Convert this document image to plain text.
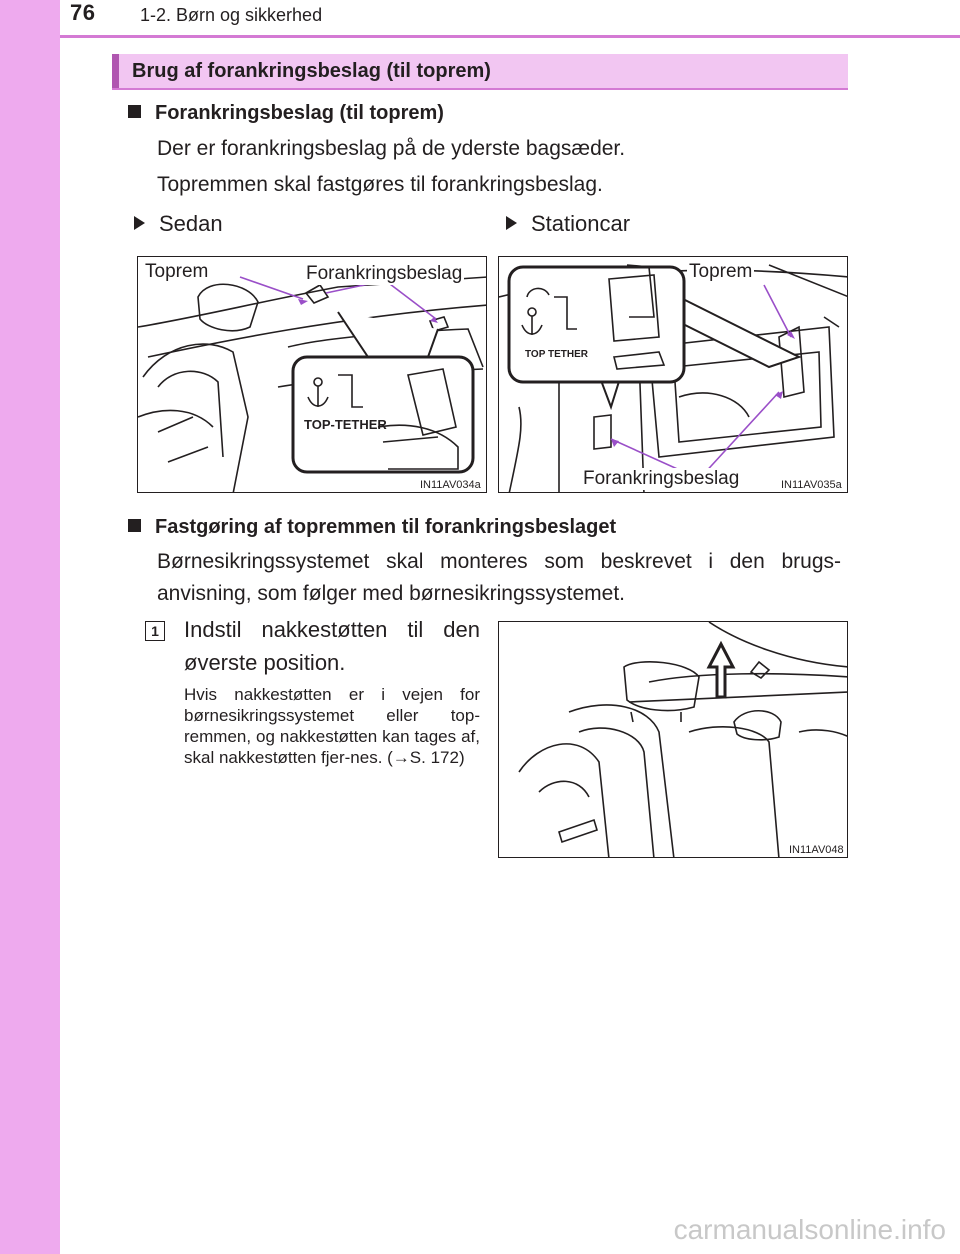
76 1-2. Børn og sikkerhed
Brug af forankringsbeslag (til toprem)
Forankringsbeslag (til toprem)
Der er forankringsbeslag på de yderste bagsæder.
Topremmen skal fastgøres til forankringsbeslag.
Sedan	Stationcar
TOP-TETHER
Toprem	Forankringsbeslag
IN11AV034a
TOP TETHER
Toprem
Forankringsbeslag	IN11AV035a
Fastgøring af topremmen til forankringsbeslaget
Børnesikringssystemet skal monteres som beskrevet i den brugs-anvisning, som følger med børnesikringssystemet.
1 Indstil nakkestøtten til den øverste position.
Hvis nakkestøtten er i vejen for børnesikringssystemet eller top-remmen, og nakkestøtten kan tages af, skal nakkestøtten fjer-nes. (→S. 172)
IN11AV048
carmanualsonline.info
